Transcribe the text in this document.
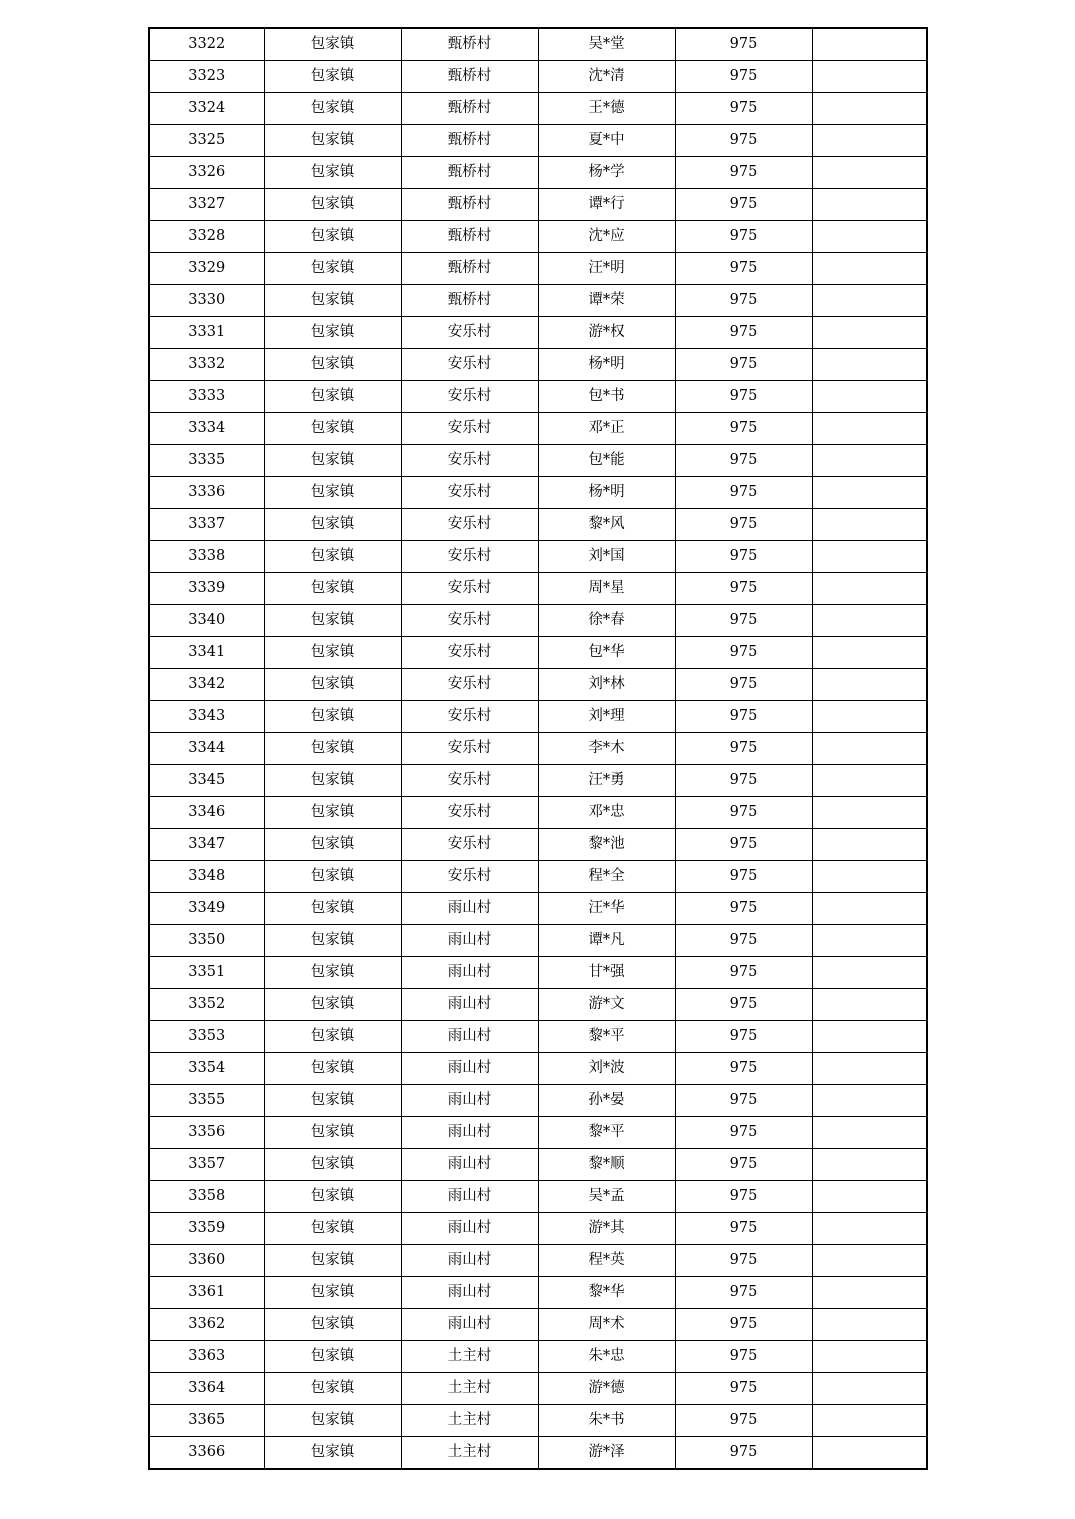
3322	包家镇	甄桥村	吴*堂	975	
3323	包家镇	甄桥村	沈*清	975	
3324	包家镇	甄桥村	王*德	975	
3325	包家镇	甄桥村	夏*中	975	
3326	包家镇	甄桥村	杨*学	975	
3327	包家镇	甄桥村	谭*行	975	
3328	包家镇	甄桥村	沈*应	975	
3329	包家镇	甄桥村	汪*明	975	
3330	包家镇	甄桥村	谭*荣	975	
3331	包家镇	安乐村	游*权	975	
3332	包家镇	安乐村	杨*明	975	
3333	包家镇	安乐村	包*书	975	
3334	包家镇	安乐村	邓*正	975	
3335	包家镇	安乐村	包*能	975	
3336	包家镇	安乐村	杨*明	975	
3337	包家镇	安乐村	黎*风	975	
3338	包家镇	安乐村	刘*国	975	
3339	包家镇	安乐村	周*星	975	
3340	包家镇	安乐村	徐*春	975	
3341	包家镇	安乐村	包*华	975	
3342	包家镇	安乐村	刘*林	975	
3343	包家镇	安乐村	刘*理	975	
3344	包家镇	安乐村	李*木	975	
3345	包家镇	安乐村	汪*勇	975	
3346	包家镇	安乐村	邓*忠	975	
3347	包家镇	安乐村	黎*池	975	
3348	包家镇	安乐村	程*全	975	
3349	包家镇	雨山村	汪*华	975	
3350	包家镇	雨山村	谭*凡	975	
3351	包家镇	雨山村	甘*强	975	
3352	包家镇	雨山村	游*文	975	
3353	包家镇	雨山村	黎*平	975	
3354	包家镇	雨山村	刘*波	975	
3355	包家镇	雨山村	孙*晏	975	
3356	包家镇	雨山村	黎*平	975	
3357	包家镇	雨山村	黎*顺	975	
3358	包家镇	雨山村	吴*孟	975	
3359	包家镇	雨山村	游*其	975	
3360	包家镇	雨山村	程*英	975	
3361	包家镇	雨山村	黎*华	975	
3362	包家镇	雨山村	周*术	975	
3363	包家镇	土主村	朱*忠	975	
3364	包家镇	土主村	游*德	975	
3365	包家镇	土主村	朱*书	975	
3366	包家镇	土主村	游*泽	975	
